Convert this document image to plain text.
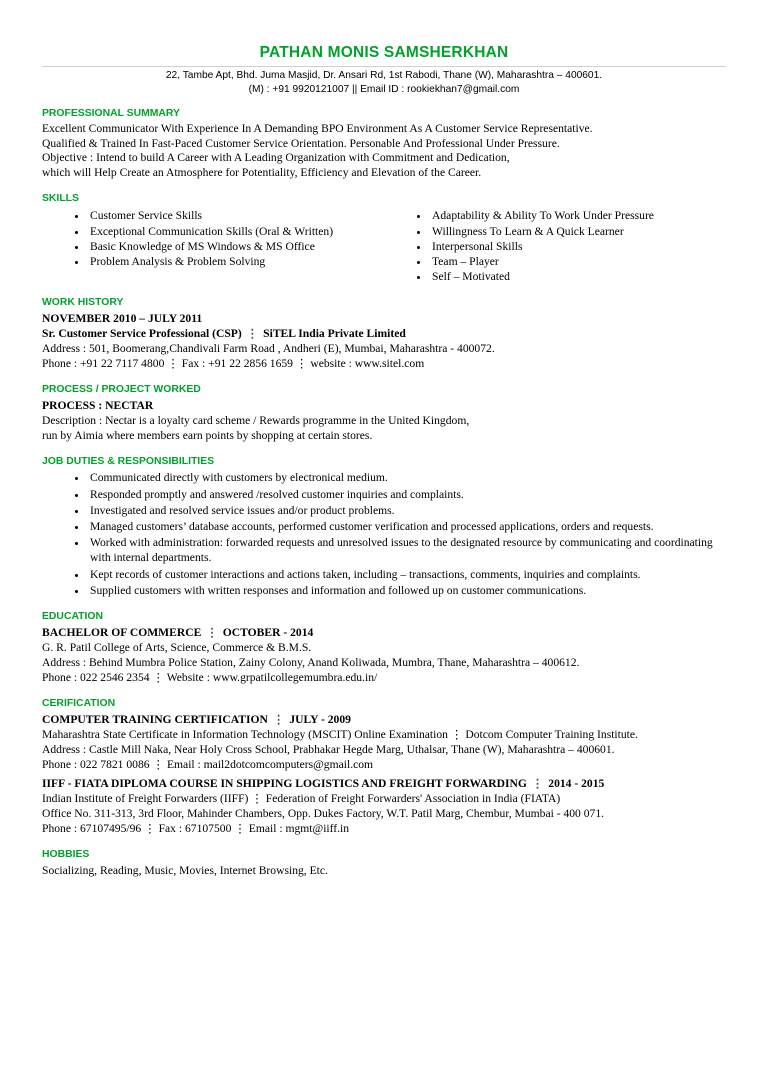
PATHAN MONIS SAMSHERKHAN
22, Tambe Apt, Bhd. Juma Masjid, Dr. Ansari Rd, 1st Rabodi, Thane (W), Maharashtra – 400601.
(M) : +91 9920121007 || Email ID : rookiekhan7@gmail.com
PROFESSIONAL SUMMARY
Excellent Communicator With Experience In A Demanding BPO Environment As A Customer Service Representative.
Qualified & Trained In Fast-Paced Customer Service Orientation. Personable And Professional Under Pressure.
Objective : Intend to build A Career with A Leading Organization with Commitment and Dedication,
which will Help Create an Atmosphere for Potentiality, Efficiency and Elevation of the Career.
SKILLS
• Customer Service Skills
• Exceptional Communication Skills (Oral & Written)
• Basic Knowledge of MS Windows & MS Office
• Problem Analysis & Problem Solving
• Adaptability & Ability To Work Under Pressure
• Willingness To Learn & A Quick Learner
• Interpersonal Skills
• Team – Player
• Self – Motivated
WORK HISTORY
NOVEMBER 2010 – JULY 2011
Sr. Customer Service Professional (CSP) ⋮ SiTEL India Private Limited
Address : 501, Boomerang,Chandivali Farm Road , Andheri (E), Mumbai, Maharashtra - 400072.
Phone : +91 22 7117 4800 ⋮ Fax : +91 22 2856 1659 ⋮ website : www.sitel.com
PROCESS / PROJECT WORKED
PROCESS : NECTAR
Description : Nectar is a loyalty card scheme / Rewards programme in the United Kingdom,
run by Aimia where members earn points by shopping at certain stores.
JOB DUTIES & RESPONSIBILITIES
• Communicated directly with customers by electronical medium.
• Responded promptly and answered /resolved customer inquiries and complaints.
• Investigated and resolved service issues and/or product problems.
• Managed customers’ database accounts, performed customer verification and processed applications, orders and requests.
• Worked with administration: forwarded requests and unresolved issues to the designated resource by communicating and coordinating with internal departments.
• Kept records of customer interactions and actions taken, including – transactions, comments, inquiries and complaints.
• Supplied customers with written responses and information and followed up on customer communications.
EDUCATION
BACHELOR OF COMMERCE ⋮ OCTOBER - 2014
G. R. Patil College of Arts, Science, Commerce & B.M.S.
Address : Behind Mumbra Police Station, Zainy Colony, Anand Koliwada, Mumbra, Thane, Maharashtra – 400612.
Phone : 022 2546 2354 ⋮ Website : www.grpatilcollegemumbra.edu.in/
CERIFICATION
COMPUTER TRAINING CERTIFICATION ⋮ JULY - 2009
Maharashtra State Certificate in Information Technology (MSCIT) Online Examination ⋮ Dotcom Computer Training Institute.
Address : Castle Mill Naka, Near Holy Cross School, Prabhakar Hegde Marg, Uthalsar, Thane (W), Maharashtra – 400601.
Phone : 022 7821 0086 ⋮ Email : mail2dotcomcomputers@gmail.com
IIFF - FIATA DIPLOMA COURSE IN SHIPPING LOGISTICS AND FREIGHT FORWARDING ⋮ 2014 - 2015
Indian Institute of Freight Forwarders (IIFF) ⋮ Federation of Freight Forwarders' Association in India (FIATA)
Office No. 311-313, 3rd Floor, Mahinder Chambers, Opp. Dukes Factory, W.T. Patil Marg, Chembur, Mumbai - 400 071.
Phone : 67107495/96 ⋮ Fax : 67107500 ⋮ Email : mgmt@iiff.in
HOBBIES
Socializing, Reading, Music, Movies, Internet Browsing, Etc.
